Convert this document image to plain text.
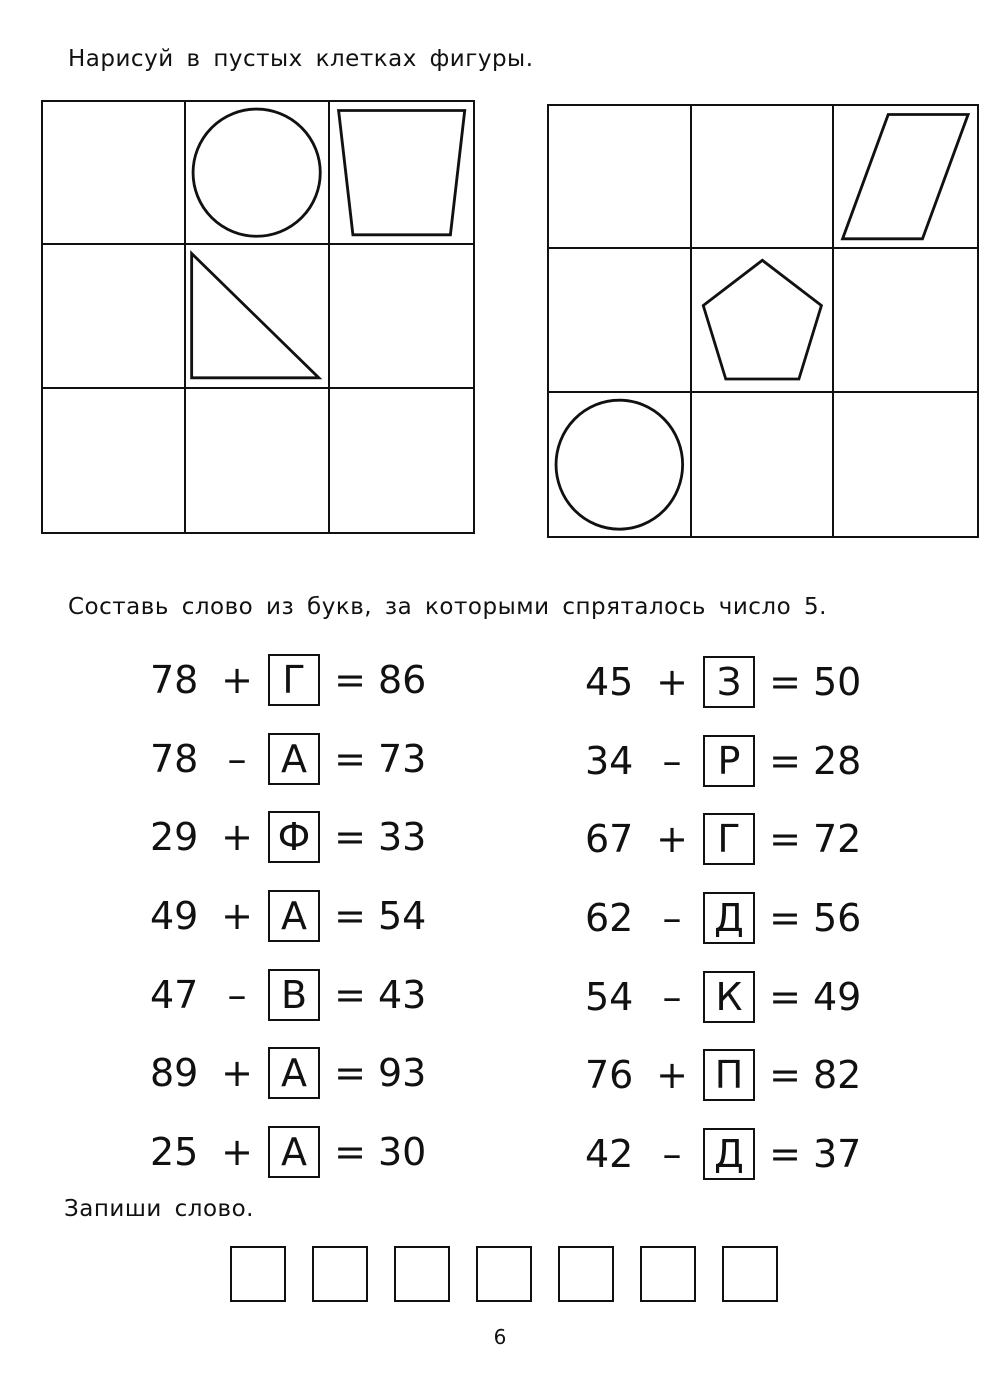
Нарисуй в пустых клетках фигуры.
Составь слово из букв, за которыми спряталось число 5.
78 + Г = 86
78 – А = 73
29 + Ф = 33
49 + А = 54
47 – В = 43
89 + А = 93
25 + А = 30
45 + З = 50
34 – Р = 28
67 + Г = 72
62 – Д = 56
54 – К = 49
76 + П = 82
42 – Д = 37
Запиши слово.
6
